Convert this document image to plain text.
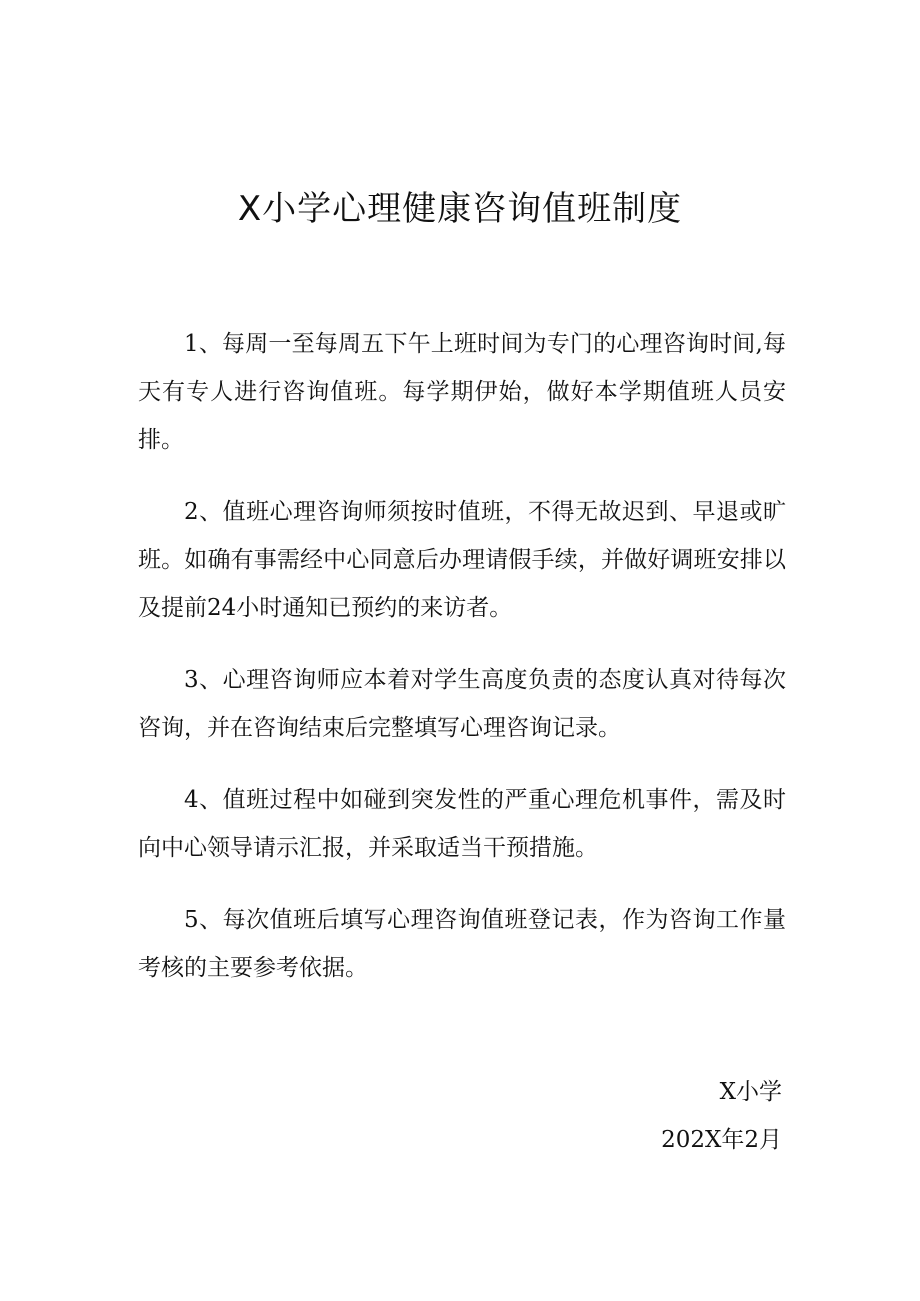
X小学心理健康咨询值班制度

1、每周一至每周五下午上班时间为专门的心理咨询时间,每天有专人进行咨询值班。每学期伊始，做好本学期值班人员安排。

2、值班心理咨询师须按时值班，不得无故迟到、早退或旷班。如确有事需经中心同意后办理请假手续，并做好调班安排以及提前24小时通知已预约的来访者。

3、心理咨询师应本着对学生高度负责的态度认真对待每次咨询，并在咨询结束后完整填写心理咨询记录。

4、值班过程中如碰到突发性的严重心理危机事件，需及时向中心领导请示汇报，并采取适当干预措施。

5、每次值班后填写心理咨询值班登记表，作为咨询工作量考核的主要参考依据。

X小学
202X年2月
